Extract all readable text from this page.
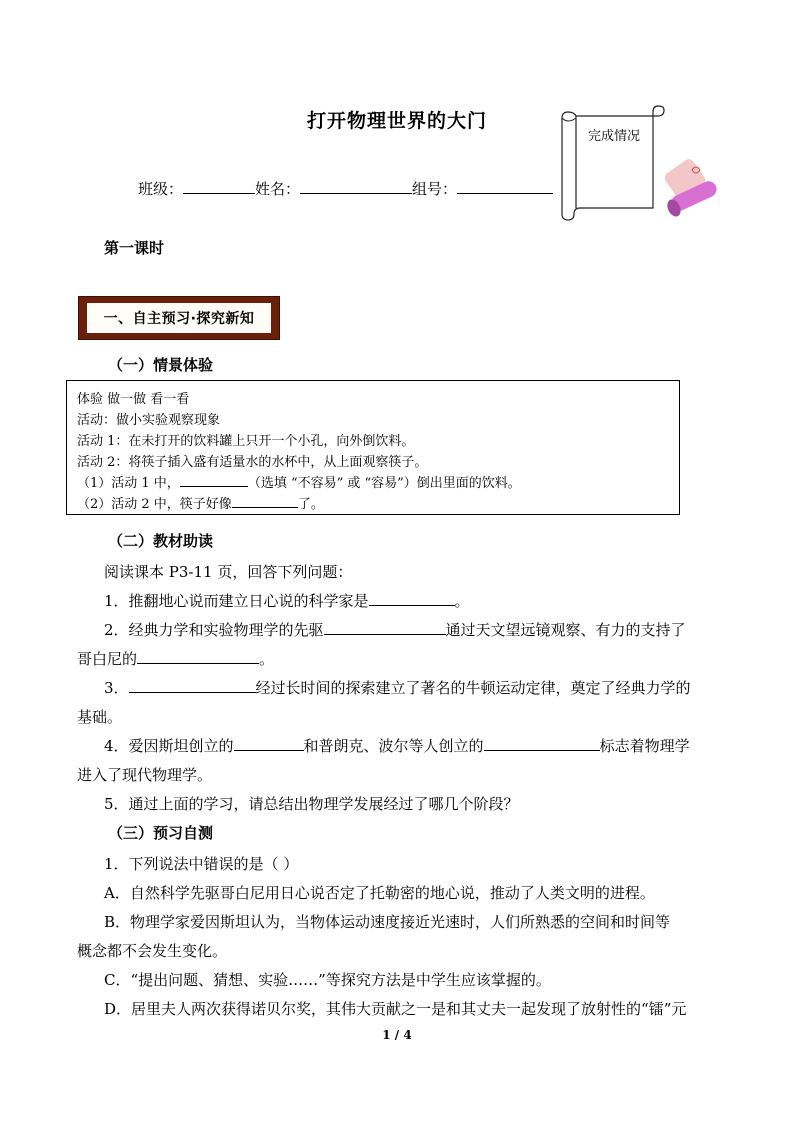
打开物理世界的大门
完成情况
班级：	姓名：	组号：
第一课时
一、自主预习·探究新知
（一）情景体验
体验 做一做 看一看
活动：做小实验观察现象
活动 1：在未打开的饮料罐上只开一个小孔，向外倒饮料。
活动 2：将筷子插入盛有适量水的水杯中，从上面观察筷子。
（1）活动 1 中，	（选填 “不容易” 或 “容易”）倒出里面的饮料。
（2）活动 2 中，筷子好像	了。
（二）教材助读
阅读课本 P3-11 页，回答下列问题：
1．推翻地心说而建立日心说的科学家是	。
2．经典力学和实验物理学的先驱	通过天文望远镜观察、有力的支持了
哥白尼的	。
3．	经过长时间的探索建立了著名的牛顿运动定律，奠定了经典力学的
基础。
4．爱因斯坦创立的	和普朗克、波尔等人创立的	标志着物理学
进入了现代物理学。
5．通过上面的学习，请总结出物理学发展经过了哪几个阶段？
（三）预习自测
1．下列说法中错误的是（ ）
A．自然科学先驱哥白尼用日心说否定了托勒密的地心说，推动了人类文明的进程。
B．物理学家爱因斯坦认为，当物体运动速度接近光速时，人们所熟悉的空间和时间等
概念都不会发生变化。
C．“提出问题、猜想、实验……”等探究方法是中学生应该掌握的。
D．居里夫人两次获得诺贝尔奖，其伟大贡献之一是和其丈夫一起发现了放射性的“镭”元
1 / 4
